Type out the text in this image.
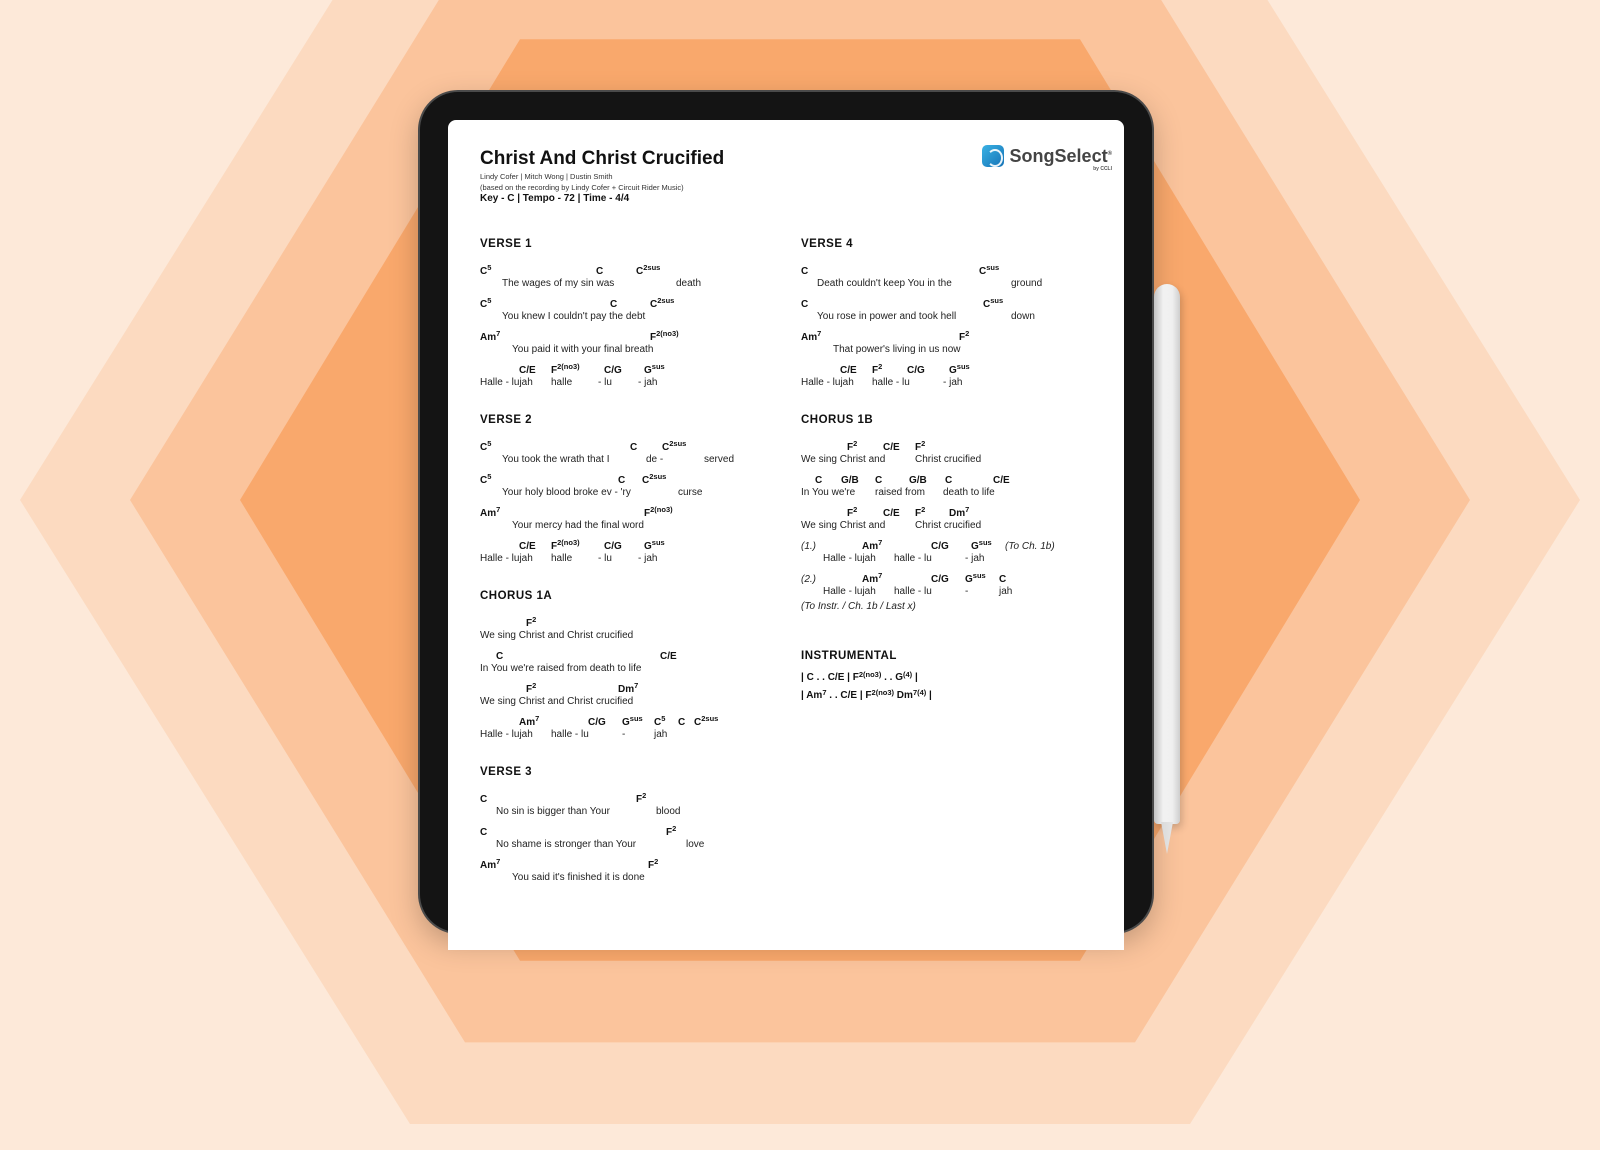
Christ And Christ Crucified
Lindy Cofer | Mitch Wong | Dustin Smith
(based on the recording by Lindy Cofer + Circuit Rider Music)
Key - C | Tempo - 72 | Time - 4/4
SongSelect®
by CCLI
VERSE 1
$C^5$	C	$C^{2sus}$
The wages of my sin was	death
$C^5$	C	$C^{2sus}$
You knew I couldn't pay the debt
Am$^7$	$F^{2(no3)}$
You paid it with your final breath
C/E $F^{2(no3)}$ C/G $G^{sus}$
Halle - lujah halle	- lu	- jah
VERSE 2
$C^5$	C $C^{2sus}$
You took the wrath that I	de -	served
$C^5$	C $C^{2sus}$
Your holy blood broke ev - 'ry	curse
Am$^7$	$F^{2(no3)}$
Your mercy had the final word
C/E $F^{2(no3)}$ C/G $G^{sus}$
Halle - lujah halle	- lu	- jah
CHORUS 1A
$F^2$
We sing Christ and Christ crucified
C	C/E
In You we're raised from death to life
$F^2$	Dm$^7$
We sing Christ and Christ crucified
Am$^7$	C/G $G^{sus}$ $C^5$ C $C^{2sus}$
Halle - lujah halle - lu	-	jah
VERSE 3
C	$F^2$
No sin is bigger than Your	blood
C	$F^2$
No shame is stronger than Your	love
Am$^7$	$F^2$
You said it's finished it is done
VERSE 4
C	$C^{sus}$
Death couldn't keep You in the	ground
C	$C^{sus}$
You rose in power and took hell	down
Am$^7$	$F^2$
That power's living in us now
C/E $F^2$ C/G $G^{sus}$
Halle - lujah halle - lu	- jah
CHORUS 1B
$F^2$	C/E $F^2$
We sing Christ and	Christ crucified
C G/B C	G/B C	C/E
In You we're raised from death to life
$F^2$	C/E $F^2$ Dm$^7$
We sing Christ and	Christ crucified
(1.)	Am$^7$	C/G $G^{sus}$ (To Ch. 1b)
Halle - lujah halle - lu	- jah
(2.)	Am$^7$	C/G $G^{sus}$ C
Halle - lujah halle - lu	-	jah
(To Instr. / Ch. 1b / Last x)
INSTRUMENTAL
| C . . C/E | $F^{2(no3)}$ . . $G^{(4)}$ |
| Am$^7$ . . C/E | $F^{2(no3)}$ $Dm^{7(4)}$ |
